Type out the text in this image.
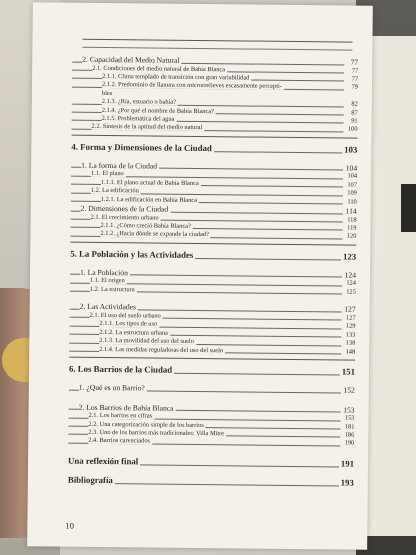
2. Capacidad del Medio Natural	77
2.1. Condiciones del medio natural de Bahía Blanca	77
2.1.1. Clima templado de transición con gran variabilidad	77
2.1.2. Predominio de llanura con microrrelieves escasamente percepti-	79
bles
2.1.3. ¿Ría, estuario o bahía?	82
2.1.4. ¿Por qué el nombre de Bahía Blanca?	87
2.1.5. Problemática del agua	91
2.2. Síntesis de la aptitud del medio natural	100
4. Forma y Dimensiones de la Ciudad	103
1. La forma de la Ciudad	104
1.1. El plano	104
1.1.1. El plano actual de Bahía Blanca	107
1.2. La edificación	109
1.2.1. La edificación en Bahía Blanca	110
2. Dimensiones de la Ciudad	114
2.1. El crecimiento urbano	118
2.1.1. ¿Cómo creció Bahía Blanca?	119
2.1.2. ¿Hacia dónde se expande la ciudad?	120
5. La Población y las Actividades	123
1. La Población	124
1.1. El origen	124
1.2. La estructura	125
2. Las Actividades	127
2.1. El uso del suelo urbano	127
2.1.1. Los tipos de uso	129
2.1.2. La estructura urbana	133
2.1.3. La movilidad del uso del suelo	138
2.1.4. Las medidas reguladoras del uso del suelo	148
6. Los Barrios de la Ciudad	151
1. ¿Qué es un Barrio?	152
2. Los Barrios de Bahía Blanca	153
2.1. Los barrios en cifras	153
2.2. Una categorización simple de los barrios	181
2.3. Uno de los barrios más tradicionales: Villa Mitre	186
2.4. Barrios carenciados	190
Una reflexión final	191
Bibliografía	193
10
